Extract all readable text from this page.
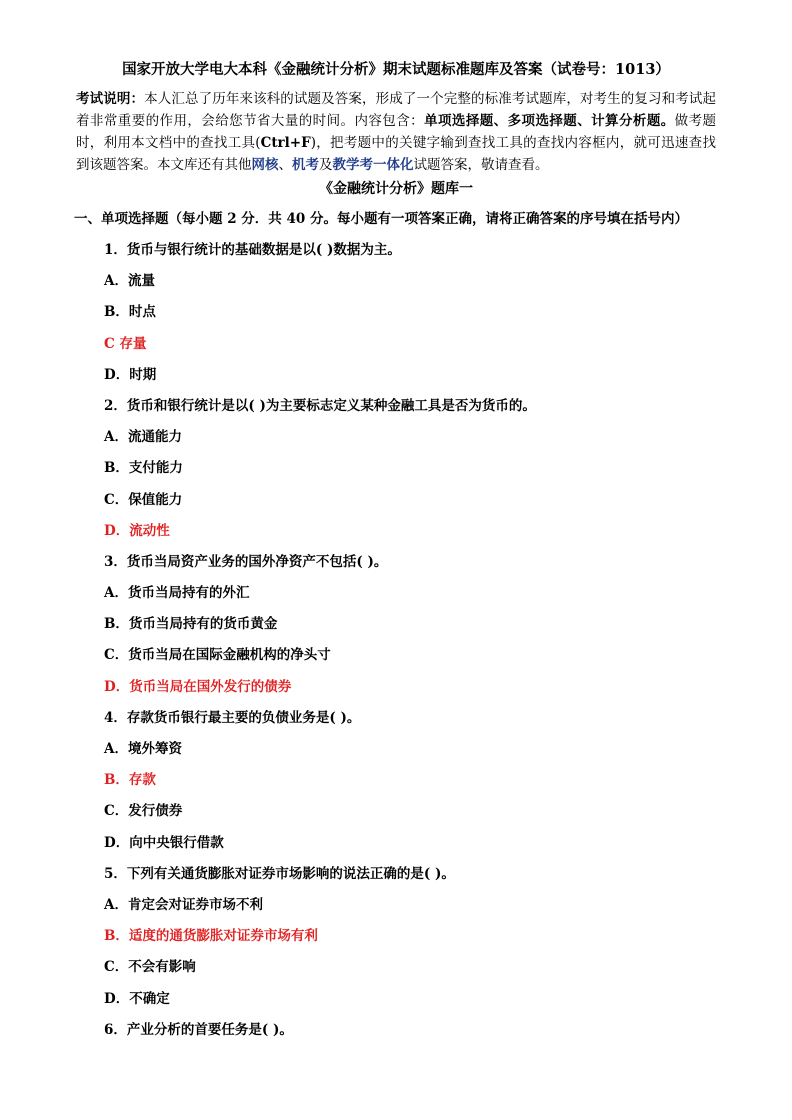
国家开放大学电大本科《金融统计分析》期末试题标准题库及答案（试卷号：1013）
考试说明：本人汇总了历年来该科的试题及答案，形成了一个完整的标准考试题库，对考生的复习和考试起着非常重要的作用，会给您节省大量的时间。内容包含：单项选择题、多项选择题、计算分析题。做考题时，利用本文档中的查找工具(Ctrl+F)，把考题中的关键字输到查找工具的查找内容框内，就可迅速查找到该题答案。本文库还有其他网核、机考及教学考一体化试题答案，敬请查看。
《金融统计分析》题库一
一、单项选择题（每小题 2 分．共 40 分。每小题有一项答案正确，请将正确答案的序号填在括号内）
1．货币与银行统计的基础数据是以( )数据为主。
A．流量
B．时点
C 存量
D．时期
2．货币和银行统计是以( )为主要标志定义某种金融工具是否为货币的。
A．流通能力
B．支付能力
C．保值能力
D．流动性
3．货币当局资产业务的国外净资产不包括( )。
A．货币当局持有的外汇
B．货币当局持有的货币黄金
C．货币当局在国际金融机构的净头寸
D．货币当局在国外发行的债券
4．存款货币银行最主要的负债业务是( )。
A．境外筹资
B．存款
C．发行债券
D．向中央银行借款
5．下列有关通货膨胀对证券市场影响的说法正确的是( )。
A．肯定会对证券市场不利
B．适度的通货膨胀对证券市场有利
C．不会有影响
D．不确定
6．产业分析的首要任务是( )。
